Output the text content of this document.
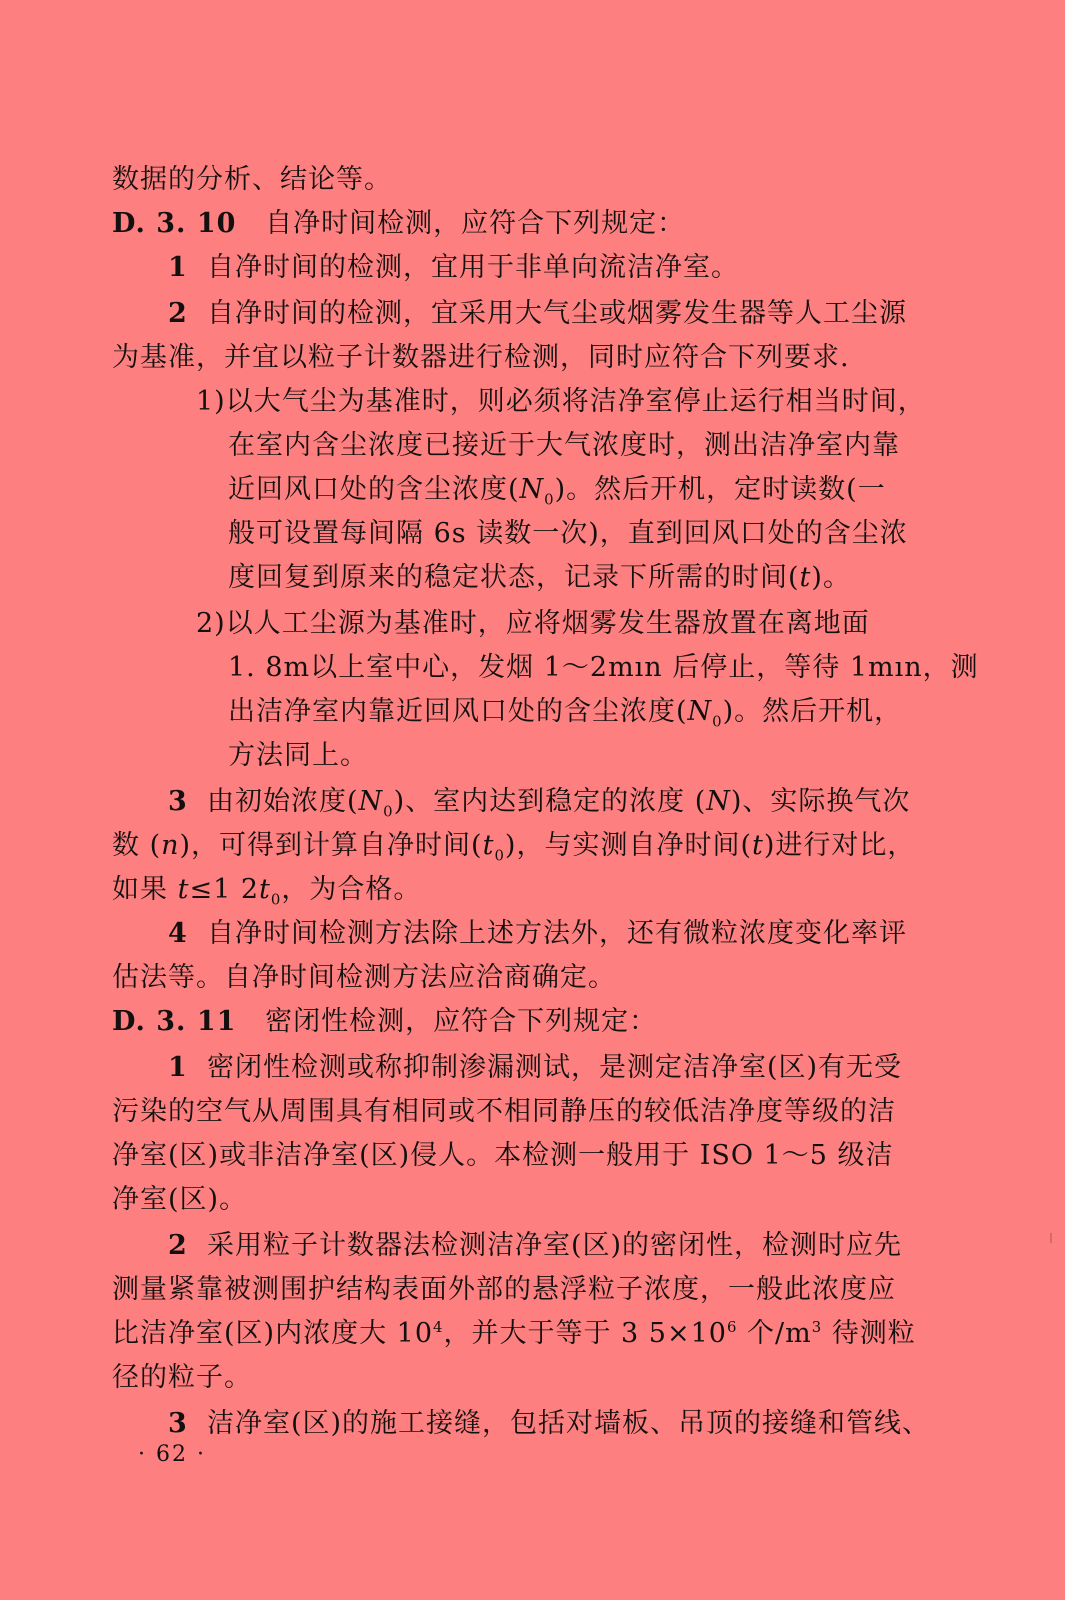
数据的分析、结论等。

D. 3. 10 自净时间检测，应符合下列规定：

1 自净时间的检测，宜用于非单向流洁净室。

2 自净时间的检测，宜采用大气尘或烟雾发生器等人工尘源

为基准，并宜以粒子计数器进行检测，同时应符合下列要求.

1)以大气尘为基准时，则必须将洁净室停止运行相当时间，

在室内含尘浓度已接近于大气浓度时，测出洁净室内靠

近回风口处的含尘浓度$(N_0)$。然后开机，定时读数(一

般可设置每间隔 6s 读数一次)，直到回风口处的含尘浓

度回复到原来的稳定状态，记录下所需的时间(t)。

2)以人工尘源为基准时，应将烟雾发生器放置在离地面

1. 8m以上室中心，发烟 1～2mın 后停止，等待 1mın，测

出洁净室内靠近回风口处的含尘浓度$(N_0)$。然后开机，

方法同上。

3 由初始浓度$(N_0)$、室内达到稳定的浓度 (N)、实际换气次

数 (n)，可得到计算自净时间$(t_0)$，与实测自净时间(t)进行对比，

如果 t≤1 $2t_0$，为合格。

4 自净时间检测方法除上述方法外，还有微粒浓度变化率评

估法等。自净时间检测方法应洽商确定。

D. 3. 11 密闭性检测，应符合下列规定：

1 密闭性检测或称抑制渗漏测试，是测定洁净室(区)有无受

污染的空气从周围具有相同或不相同静压的较低洁净度等级的洁

净室(区)或非洁净室(区)侵人。本检测一般用于 ISO 1～5 级洁

净室(区)。

2 采用粒子计数器法检测洁净室(区)的密闭性，检测时应先

测量紧靠被测围护结构表面外部的悬浮粒子浓度，一般此浓度应

比洁净室(区)内浓度大 $10^4$，并大于等于 3 $5\times 10^6$ 个$/m^3$ 待测粒

径的粒子。

3 洁净室(区)的施工接缝，包括对墙板、吊顶的接缝和管线、

· 62 ·
